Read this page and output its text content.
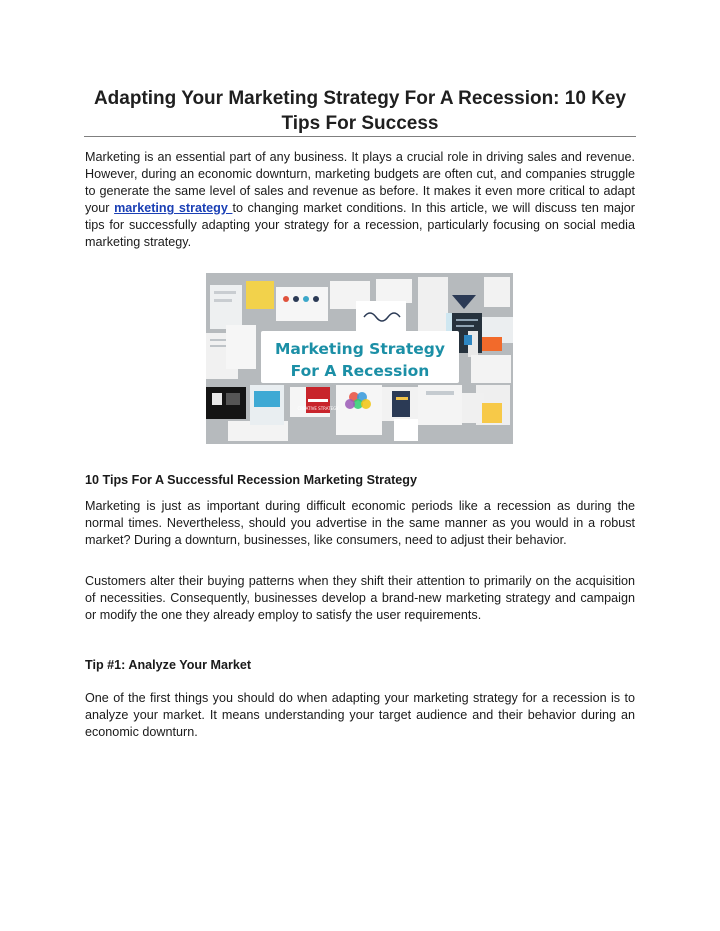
Adapting Your Marketing Strategy For A Recession: 10 Key Tips For Success

Marketing is an essential part of any business. It plays a crucial role in driving sales and revenue. However, during an economic downturn, marketing budgets are often cut, and companies struggle to generate the same level of sales and revenue as before. It makes it even more critical to adapt your marketing strategy to changing market conditions. In this article, we will discuss ten major tips for successfully adapting your strategy for a recession, particularly focusing on social media marketing strategy.

Marketing Strategy
For A Recession
CREATIVE STRATEGY
10 Tips For A Successful Recession Marketing Strategy

Marketing is just as important during difficult economic periods like a recession as during the normal times. Nevertheless, should you advertise in the same manner as you would in a robust market? During a downturn, businesses, like consumers, need to adjust their behavior.

Customers alter their buying patterns when they shift their attention to primarily on the acquisition of necessities. Consequently, businesses develop a brand-new marketing strategy and campaign or modify the one they already employ to satisfy the user requirements.

Tip #1: Analyze Your Market

One of the first things you should do when adapting your marketing strategy for a recession is to analyze your market. It means understanding your target audience and their behavior during an economic downturn.
